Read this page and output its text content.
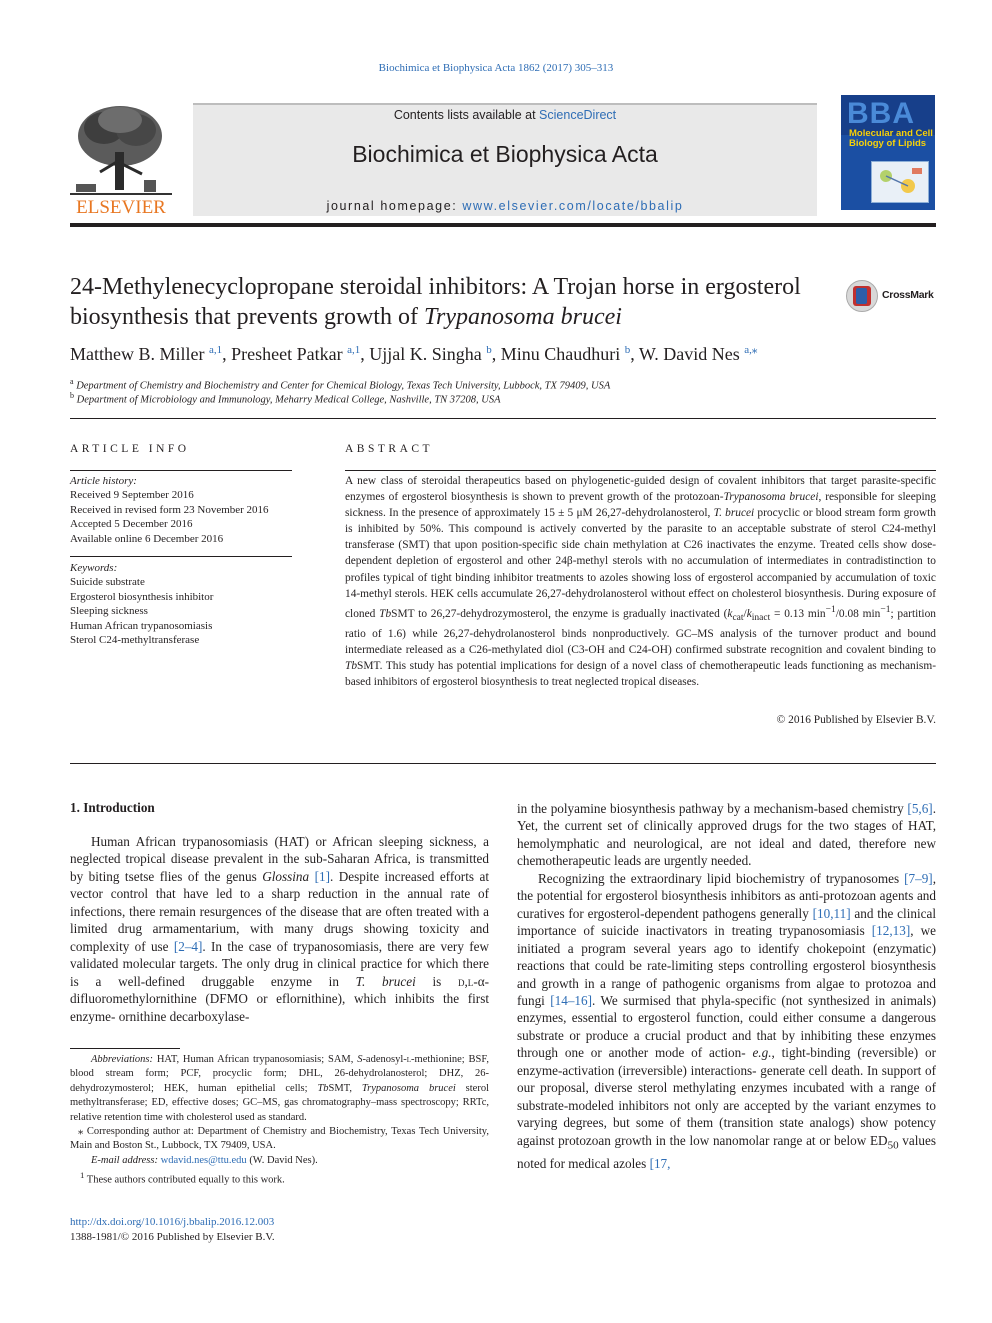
Biochimica et Biophysica Acta 1862 (2017) 305–313
ELSEVIER
Contents lists available at ScienceDirect
Biochimica et Biophysica Acta
journal homepage: www.elsevier.com/locate/bbalip
BBA
Molecular and Cell Biology of Lipids
24-Methylenecyclopropane steroidal inhibitors: A Trojan horse in ergosterol biosynthesis that prevents growth of Trypanosoma brucei
CrossMark
Matthew B. Miller $^{a,1}$, Presheet Patkar $^{a,1}$, Ujjal K. Singha $^b$, Minu Chaudhuri $^b$, W. David Nes $^{a,⁎}$
$^a$ Department of Chemistry and Biochemistry and Center for Chemical Biology, Texas Tech University, Lubbock, TX 79409, USA
$^b$ Department of Microbiology and Immunology, Meharry Medical College, Nashville, TN 37208, USA
ARTICLE INFO
Article history:
Received 9 September 2016
Received in revised form 23 November 2016
Accepted 5 December 2016
Available online 6 December 2016
Keywords:
Suicide substrate
Ergosterol biosynthesis inhibitor
Sleeping sickness
Human African trypanosomiasis
Sterol C24-methyltransferase
ABSTRACT
A new class of steroidal therapeutics based on phylogenetic-guided design of covalent inhibitors that target parasite-specific enzymes of ergosterol biosynthesis is shown to prevent growth of the protozoan-Trypanosoma brucei, responsible for sleeping sickness. In the presence of approximately 15 ± 5 μM 26,27-dehydrolanosterol, T. brucei procyclic or blood stream form growth is inhibited by 50%. This compound is actively converted by the parasite to an acceptable substrate of sterol C24-methyl transferase (SMT) that upon position-specific side chain methylation at C26 inactivates the enzyme. Treated cells show dose-dependent depletion of ergosterol and other 24β-methyl sterols with no accumulation of intermediates in contradistinction to profiles typical of tight binding inhibitor treatments to azoles showing loss of ergosterol accompanied by accumulation of toxic 14-methyl sterols. HEK cells accumulate 26,27-dehydrolanosterol without effect on cholesterol biosynthesis. During exposure of cloned TbSMT to 26,27-dehydrozymosterol, the enzyme is gradually inactivated ($k_{cat}/k_{inact} = 0.13$ $\min^{-1}/0.08$ $\min^{-1}$; partition ratio of 1.6) while 26,27-dehydrolanosterol binds nonproductively. GC–MS analysis of the turnover product and bound intermediate released as a C26-methylated diol (C3-OH and C24-OH) confirmed substrate recognition and covalent binding to TbSMT. This study has potential implications for design of a novel class of chemotherapeutic leads functioning as mechanism-based inhibitors of ergosterol biosynthesis to treat neglected tropical diseases.
© 2016 Published by Elsevier B.V.
1. Introduction

Human African trypanosomiasis (HAT) or African sleeping sickness, a neglected tropical disease prevalent in the sub-Saharan Africa, is transmitted by biting tsetse flies of the genus Glossina [1]. Despite increased efforts at vector control that have led to a sharp reduction in the annual rate of infections, there remain resurgences of the disease that are often treated with a limited drug armamentarium, with many drugs showing toxicity and complexity of use [2–4]. In the case of trypanosomiasis, there are very few validated molecular targets. The only drug in clinical practice for which there is a well-defined druggable enzyme in T. brucei is d,l-α-difluoromethylornithine (DFMO or eflornithine), which inhibits the first enzyme- ornithine decarboxylase-

in the polyamine biosynthesis pathway by a mechanism-based chemistry [5,6]. Yet, the current set of clinically approved drugs for the two stages of HAT, hemolymphatic and neurological, are not ideal and dated, therefore new chemotherapeutic leads are urgently needed.

Recognizing the extraordinary lipid biochemistry of trypanosomes [7–9], the potential for ergosterol biosynthesis inhibitors as anti-protozoan agents and curatives for ergosterol-dependent pathogens generally [10,11] and the clinical importance of suicide inactivators in treating trypanosomiasis [12,13], we initiated a program several years ago to identify chokepoint (enzymatic) reactions that could be rate-limiting steps controlling ergosterol biosynthesis and growth in a range of pathogenic organisms from algae to protozoa and fungi [14–16]. We surmised that phyla-specific (not synthesized in animals) enzymes, essential to ergosterol function, could either consume a dangerous substrate or produce a crucial product and that by inhibiting these enzymes through one or another mode of action- e.g., tight-binding (reversible) or enzyme-activation (irreversible) interactions- generate cell death. In support of our proposal, diverse sterol methylating enzymes incubated with a range of substrate-modeled inhibitors not only are accepted by the variant enzymes to varying degrees, but some of them (transition state analogs) show potency against protozoan growth in the low nanomolar range at or below $ED_{50}$ values noted for medical azoles [17,

Abbreviations: HAT, Human African trypanosomiasis; SAM, S-adenosyl-l-methionine; BSF, blood stream form; PCF, procyclic form; DHL, 26-dehydrolanosterol; DHZ, 26-dehydrozymosterol; HEK, human epithelial cells; TbSMT, Trypanosoma brucei sterol methyltransferase; ED, effective doses; GC–MS, gas chromatography–mass spectroscopy; RRTc, relative retention time with cholesterol used as standard.

⁎ Corresponding author at: Department of Chemistry and Biochemistry, Texas Tech University, Main and Boston St., Lubbock, TX 79409, USA.

E-mail address: wdavid.nes@ttu.edu (W. David Nes).

$^1$ These authors contributed equally to this work.

http://dx.doi.org/10.1016/j.bbalip.2016.12.003
1388-1981/© 2016 Published by Elsevier B.V.
